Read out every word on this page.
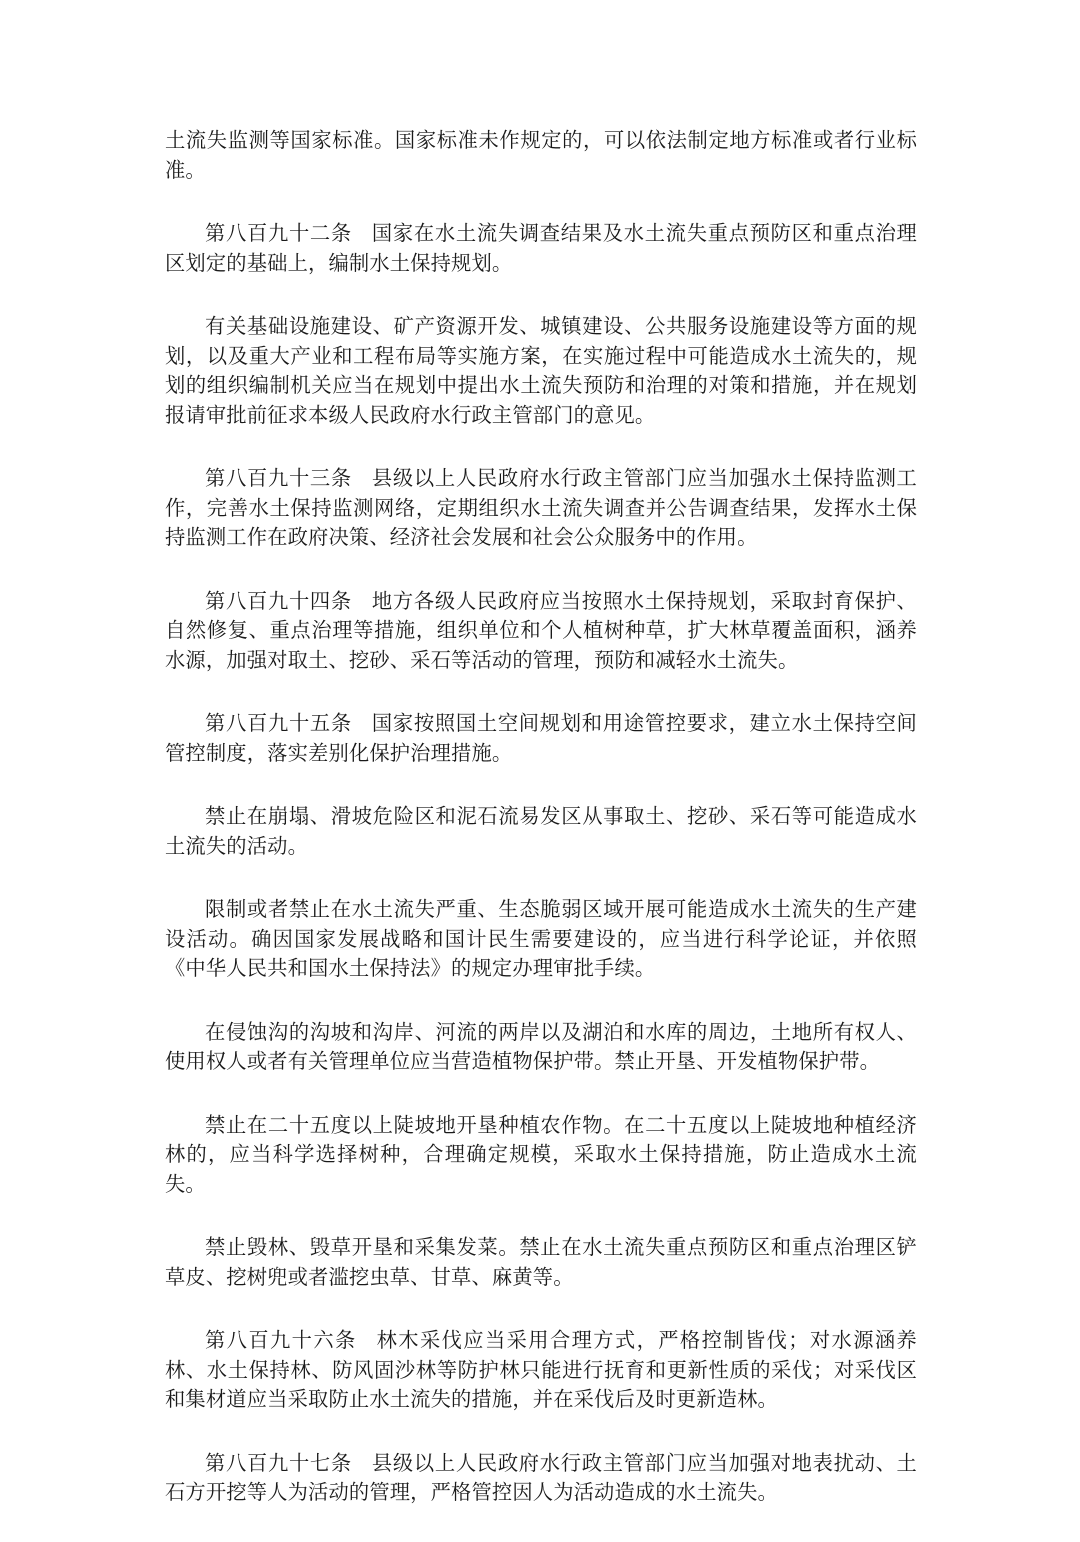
土流失监测等国家标准。国家标准未作规定的，可以依法制定地方标准或者行业标准。

第八百九十二条 国家在水土流失调查结果及水土流失重点预防区和重点治理区划定的基础上，编制水土保持规划。

有关基础设施建设、矿产资源开发、城镇建设、公共服务设施建设等方面的规划，以及重大产业和工程布局等实施方案，在实施过程中可能造成水土流失的，规划的组织编制机关应当在规划中提出水土流失预防和治理的对策和措施，并在规划报请审批前征求本级人民政府水行政主管部门的意见。

第八百九十三条 县级以上人民政府水行政主管部门应当加强水土保持监测工作，完善水土保持监测网络，定期组织水土流失调查并公告调查结果，发挥水土保持监测工作在政府决策、经济社会发展和社会公众服务中的作用。

第八百九十四条 地方各级人民政府应当按照水土保持规划，采取封育保护、自然修复、重点治理等措施，组织单位和个人植树种草，扩大林草覆盖面积，涵养水源，加强对取土、挖砂、采石等活动的管理，预防和减轻水土流失。

第八百九十五条 国家按照国土空间规划和用途管控要求，建立水土保持空间管控制度，落实差别化保护治理措施。

禁止在崩塌、滑坡危险区和泥石流易发区从事取土、挖砂、采石等可能造成水土流失的活动。

限制或者禁止在水土流失严重、生态脆弱区域开展可能造成水土流失的生产建设活动。确因国家发展战略和国计民生需要建设的，应当进行科学论证，并依照《中华人民共和国水土保持法》的规定办理审批手续。

在侵蚀沟的沟坡和沟岸、河流的两岸以及湖泊和水库的周边，土地所有权人、使用权人或者有关管理单位应当营造植物保护带。禁止开垦、开发植物保护带。

禁止在二十五度以上陡坡地开垦种植农作物。在二十五度以上陡坡地种植经济林的，应当科学选择树种，合理确定规模，采取水土保持措施，防止造成水土流失。

禁止毁林、毁草开垦和采集发菜。禁止在水土流失重点预防区和重点治理区铲草皮、挖树兜或者滥挖虫草、甘草、麻黄等。

第八百九十六条 林木采伐应当采用合理方式，严格控制皆伐；对水源涵养林、水土保持林、防风固沙林等防护林只能进行抚育和更新性质的采伐；对采伐区和集材道应当采取防止水土流失的措施，并在采伐后及时更新造林。

第八百九十七条 县级以上人民政府水行政主管部门应当加强对地表扰动、土石方开挖等人为活动的管理，严格管控因人为活动造成的水土流失。
